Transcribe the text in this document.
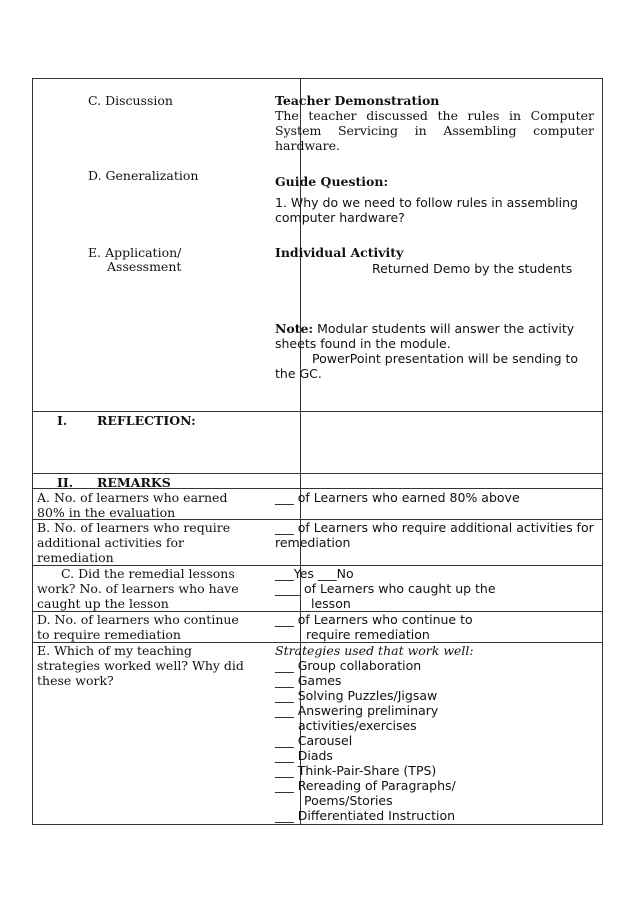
C. Discussion	Teacher Demonstration
The teacher discussed the rules in Computer System Servicing in Assembling computer hardware.
D. Generalization	Guide Question:
1. Why do we need to follow rules in assembling
computer hardware?
E. Application/
Assessment
Individual Activity
Returned Demo by the students
Note: Modular students will answer the activity
sheets found in the module.
PowerPoint presentation will be sending to
the GC.
I. REFLECTION:
II. REMARKS
A. No. of learners who earned
80% in the evaluation
___ of Learners who earned 80% above
B. No. of learners who require
additional activities for
remediation
___ of Learners who require additional activities for
remediation
C. Did the remedial lessons
work? No. of learners who have
caught up the lesson
___Yes ___No
____ of Learners who caught up the
lesson
D. No. of learners who continue
to require remediation
___ of Learners who continue to
require remediation
E. Which of my teaching
strategies worked well? Why did
these work?
Strategies used that work well:
___ Group collaboration
___ Games
___ Solving Puzzles/Jigsaw
___ Answering preliminary
activities/exercises
___ Carousel
___ Diads
___ Think-Pair-Share (TPS)
___ Rereading of Paragraphs/
Poems/Stories
___ Differentiated Instruction
